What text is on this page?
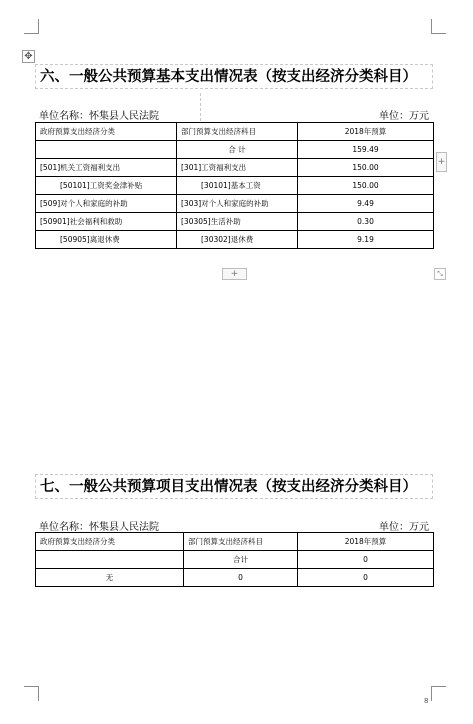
✥
六、一般公共预算基本支出情况表（按支出经济分类科目）
单位名称：怀集县人民法院	单位：万元
政府预算支出经济分类	部门预算支出经济科目	2018年预算
	合 计	159.49
[501]机关工资福利支出	[301]工资福利支出	150.00
[50101]工资奖金津补贴	[30101]基本工资	150.00
[509]对个人和家庭的补助	[303]对个人和家庭的补助	9.49
[50901]社会福利和救助	[30305]生活补助	0.30
[50905]离退休费	[30302]退休费	9.19
+
+	⤡
七、一般公共预算项目支出情况表（按支出经济分类科目）
单位名称：怀集县人民法院	单位：万元
政府预算支出经济分类	部门预算支出经济科目	2018年预算
	合计	0
无	0	0
8
